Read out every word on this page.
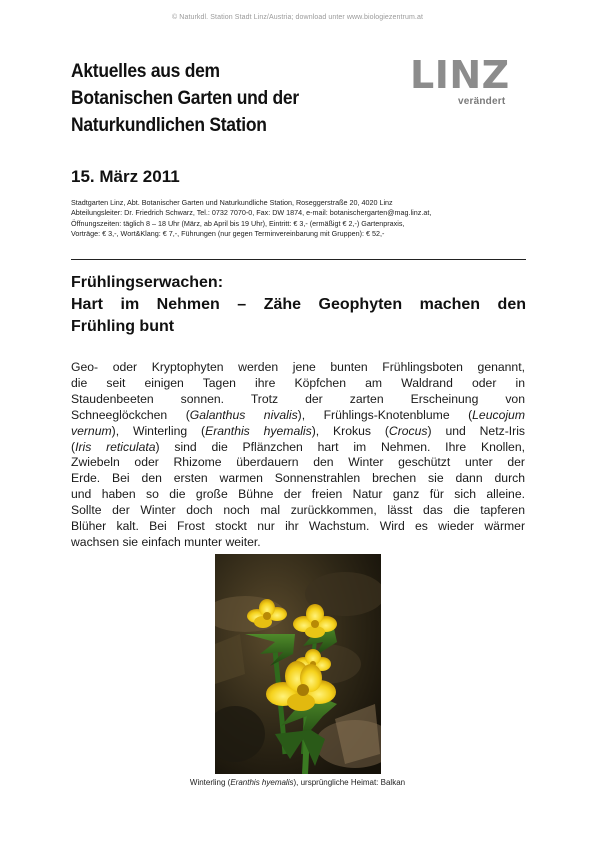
© Naturkdl. Station Stadt Linz/Austria; download unter www.biologiezentrum.at
Aktuelles aus dem
Botanischen Garten und der
Naturkundlichen Station
LINZ
verändert
15. März 2011
Stadtgarten Linz, Abt. Botanischer Garten und Naturkundliche Station, Roseggerstraße 20, 4020 Linz
Abteilungsleiter: Dr. Friedrich Schwarz, Tel.: 0732 7070-0, Fax: DW 1874, e-mail: botanischergarten@mag.linz.at,
Öffnungszeiten: täglich 8 – 18 Uhr (März, ab April bis 19 Uhr), Eintritt: € 3,- (ermäßigt € 2,-) Gartenpraxis,
Vorträge: € 3,-, Wort&Klang: € 7,-, Führungen (nur gegen Terminvereinbarung mit Gruppen): € 52,-
Frühlingserwachen:
Hart im Nehmen – Zähe Geophyten machen den
Frühling bunt
Geo- oder Kryptophyten werden jene bunten Frühlingsboten genannt,
die seit einigen Tagen ihre Köpfchen am Waldrand oder in
Staudenbeeten sonnen. Trotz der zarten Erscheinung von
Schneeglöckchen (Galanthus nivalis), Frühlings-Knotenblume (Leucojum
vernum), Winterling (Eranthis hyemalis), Krokus (Crocus) und Netz-Iris
(Iris reticulata) sind die Pflänzchen hart im Nehmen. Ihre Knollen,
Zwiebeln oder Rhizome überdauern den Winter geschützt unter der
Erde. Bei den ersten warmen Sonnenstrahlen brechen sie dann durch
und haben so die große Bühne der freien Natur ganz für sich alleine.
Sollte der Winter doch noch mal zurückkommen, lässt das die tapferen
Blüher kalt. Bei Frost stockt nur ihr Wachstum. Wird es wieder wärmer
wachsen sie einfach munter weiter.
Winterling (Eranthis hyemalis), ursprüngliche Heimat: Balkan
